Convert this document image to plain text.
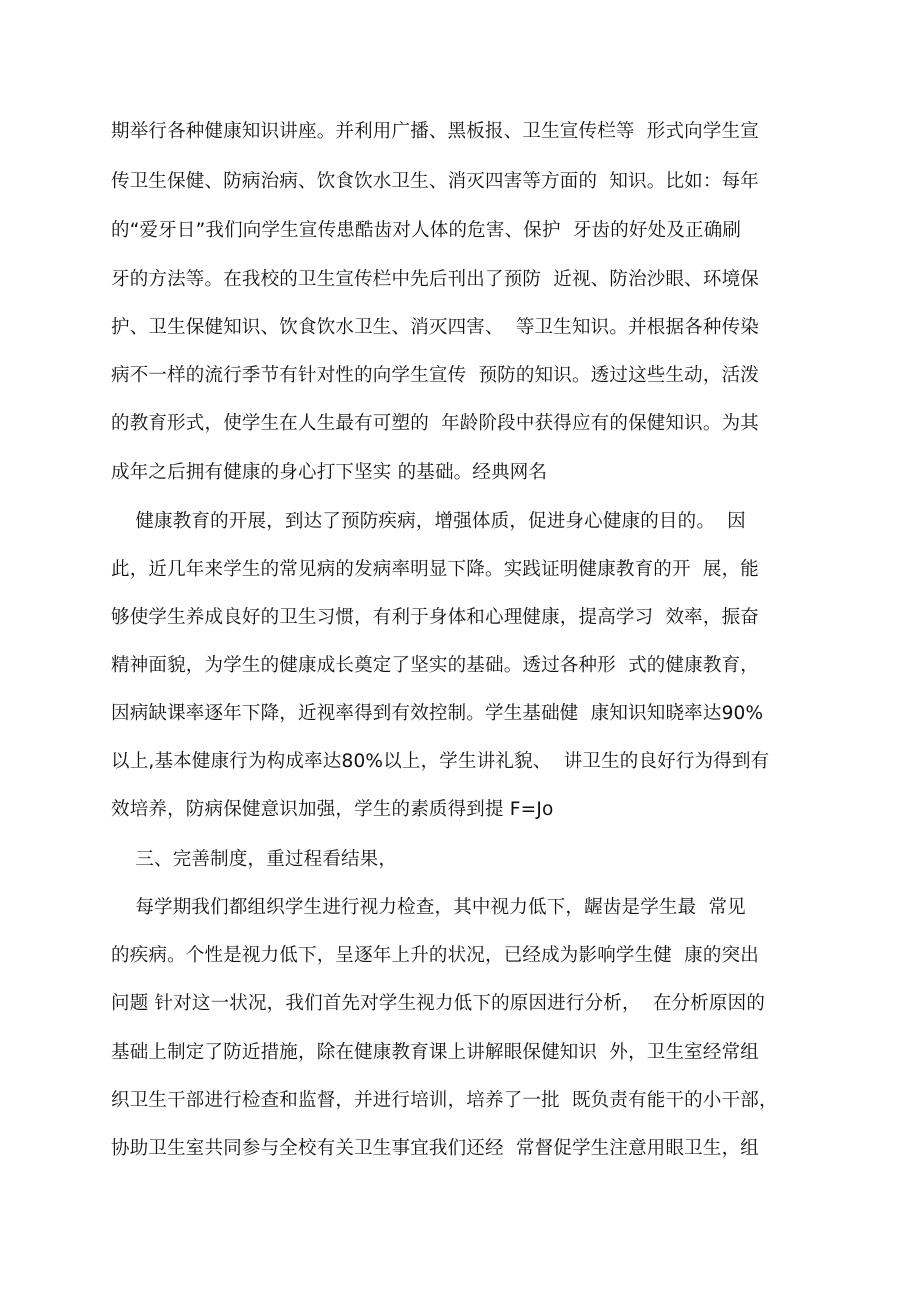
期举行各种健康知识讲座。并利用广播、黑板报、卫生宣传栏等  形式向学生宣
传卫生保健、防病治病、饮食饮水卫生、消灭四害等方面的  知识。比如：每年
的“爱牙日”我们向学生宣传患酷齿对人体的危害、保护  牙齿的好处及正确刷
牙的方法等。在我校的卫生宣传栏中先后刊出了预防  近视、防治沙眼、环境保
护、卫生保健知识、饮食饮水卫生、消灭四害、  等卫生知识。并根据各种传染
病不一样的流行季节有针对性的向学生宣传  预防的知识。透过这些生动，活泼
的教育形式，使学生在人生最有可塑的  年龄阶段中获得应有的保健知识。为其
成年之后拥有健康的身心打下坚实 的基础。经典网名
健康教育的开展，到达了预防疾病，增强体质，促进身心健康的目的。  因
此，近几年来学生的常见病的发病率明显下降。实践证明健康教育的开  展，能
够使学生养成良好的卫生习惯，有利于身体和心理健康，提高学习  效率，振奋
精神面貌，为学生的健康成长奠定了坚实的基础。透过各种形  式的健康教育，
因病缺课率逐年下降，近视率得到有效控制。学生基础健  康知识知晓率达90%
以上,基本健康行为构成率达80%以上，学生讲礼貌、  讲卫生的良好行为得到有
效培养，防病保健意识加强，学生的素质得到提 F=Jo
三、完善制度，重过程看结果，
每学期我们都组织学生进行视力检查，其中视力低下，龌齿是学生最  常见
的疾病。个性是视力低下，呈逐年上升的状况，已经成为影响学生健  康的突出
问题 针对这一状况，我们首先对学生视力低下的原因进行分析，  在分析原因的
基础上制定了防近措施，除在健康教育课上讲解眼保健知识  外，卫生室经常组
织卫生干部进行检查和监督，并进行培训，培养了一批  既负责有能干的小干部，
协助卫生室共同参与全校有关卫生事宜我们还经  常督促学生注意用眼卫生，组
